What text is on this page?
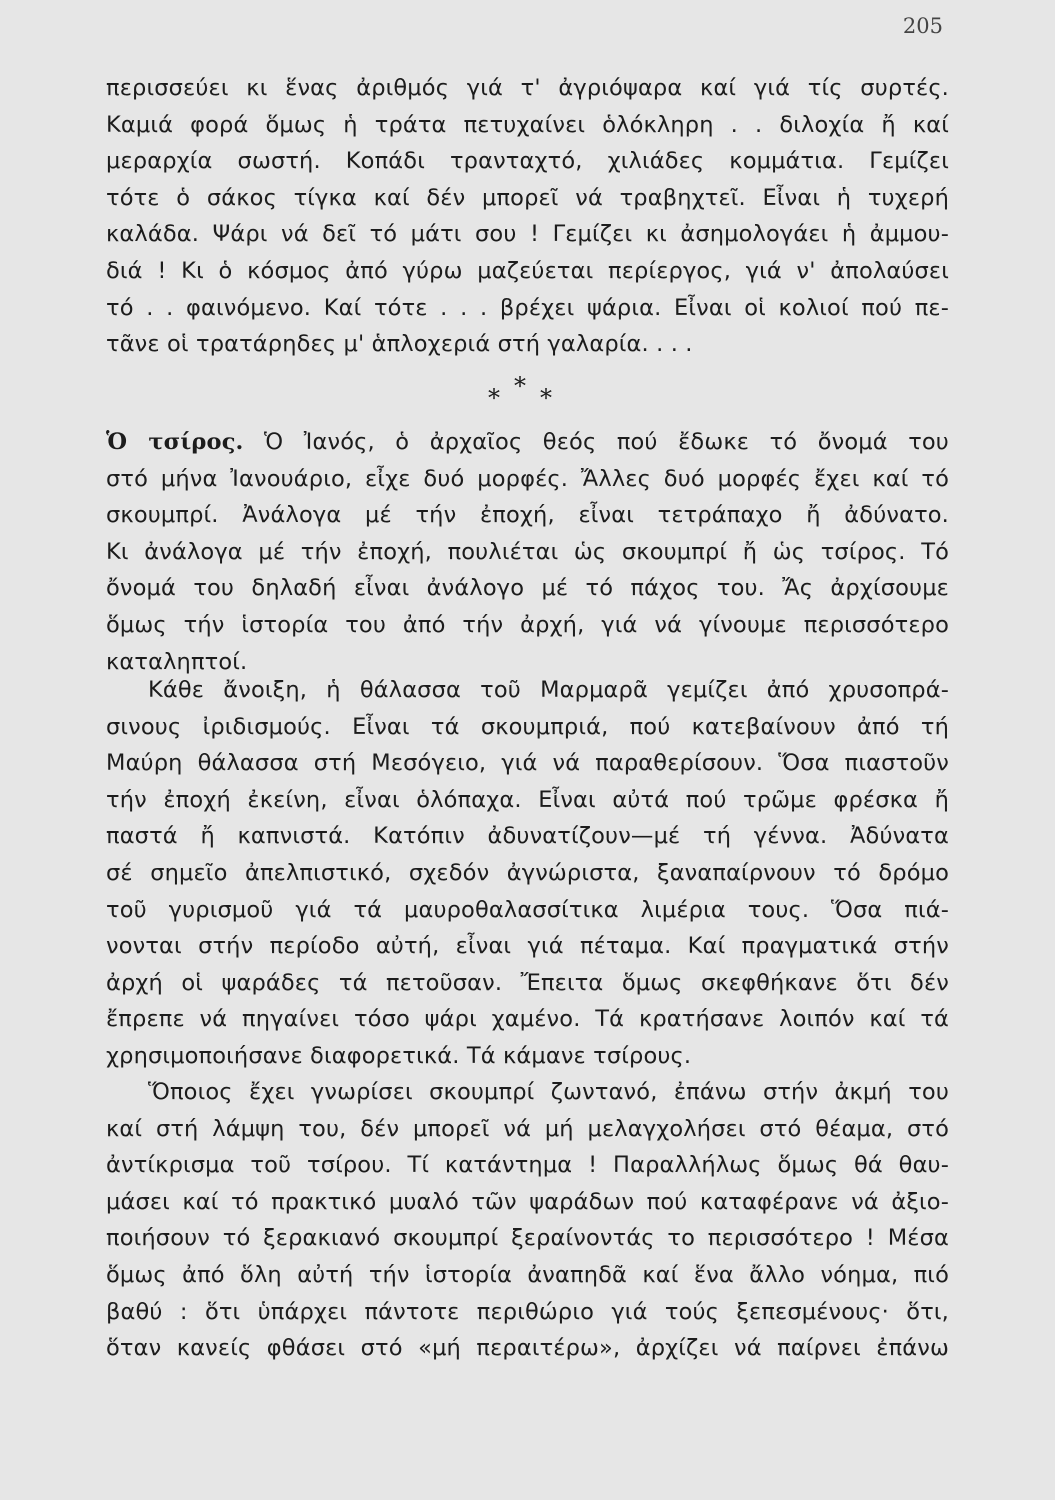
205
περισσεύει κι ἕνας ἀριθμός γιά τ' ἀγριόψαρα καί γιά τίς συρτές.
Καμιά φορά ὅμως ἡ τράτα πετυχαίνει ὁλόκληρη . . διλοχία ἤ καί
μεραρχία σωστή. Κοπάδι τρανταχτό, χιλιάδες κομμάτια. Γεμίζει
τότε ὁ σάκος τίγκα καί δέν μπορεῖ νά τραβηχτεῖ. Εἶναι ἡ τυχερή
καλάδα. Ψάρι νά δεῖ τό μάτι σου ! Γεμίζει κι ἀσημολογάει ἡ ἀμμου-
διά ! Κι ὁ κόσμος ἀπό γύρω μαζεύεται περίεργος, γιά ν' ἀπολαύσει
τό . . φαινόμενο. Καί τότε . . . βρέχει ψάρια. Εἶναι οἱ κολιοί πού πε-
τᾶνε οἱ τρατάρηδες μ' ἁπλοχεριά στή γαλαρία. . . .
* * *
Ὁ τσίρος. Ὁ Ἰανός, ὁ ἀρχαῖος θεός πού ἔδωκε τό ὄνομά του
στό μήνα Ἰανουάριο, εἶχε δυό μορφές. Ἄλλες δυό μορφές ἔχει καί τό
σκουμπρί. Ἀνάλογα μέ τήν ἐποχή, εἶναι τετράπαχο ἤ ἀδύνατο.
Κι ἀνάλογα μέ τήν ἐποχή, πουλιέται ὡς σκουμπρί ἤ ὡς τσίρος. Τό
ὄνομά του δηλαδή εἶναι ἀνάλογο μέ τό πάχος του. Ἄς ἀρχίσουμε
ὅμως τήν ἱστορία του ἀπό τήν ἀρχή, γιά νά γίνουμε περισσότερο
καταληπτοί.
Κάθε ἄνοιξη, ἡ θάλασσα τοῦ Μαρμαρᾶ γεμίζει ἀπό χρυσοπρά-
σινους ἰριδισμούς. Εἶναι τά σκουμπριά, πού κατεβαίνουν ἀπό τή
Μαύρη θάλασσα στή Μεσόγειο, γιά νά παραθερίσουν. Ὅσα πιαστοῦν
τήν ἐποχή ἐκείνη, εἶναι ὁλόπαχα. Εἶναι αὐτά πού τρῶμε φρέσκα ἤ
παστά ἤ καπνιστά. Κατόπιν ἀδυνατίζουν—μέ τή γέννα. Ἀδύνατα
σέ σημεῖο ἀπελπιστικό, σχεδόν ἀγνώριστα, ξαναπαίρνουν τό δρόμο
τοῦ γυρισμοῦ γιά τά μαυροθαλασσίτικα λιμέρια τους. Ὅσα πιά-
νονται στήν περίοδο αὐτή, εἶναι γιά πέταμα. Καί πραγματικά στήν
ἀρχή οἱ ψαράδες τά πετοῦσαν. Ἔπειτα ὅμως σκεφθήκανε ὅτι δέν
ἔπρεπε νά πηγαίνει τόσο ψάρι χαμένο. Τά κρατήσανε λοιπόν καί τά
χρησιμοποιήσανε διαφορετικά. Τά κάμανε τσίρους.
Ὅποιος ἔχει γνωρίσει σκουμπρί ζωντανό, ἐπάνω στήν ἀκμή του
καί στή λάμψη του, δέν μπορεῖ νά μή μελαγχολήσει στό θέαμα, στό
ἀντίκρισμα τοῦ τσίρου. Τί κατάντημα ! Παραλλήλως ὅμως θά θαυ-
μάσει καί τό πρακτικό μυαλό τῶν ψαράδων πού καταφέρανε νά ἀξιο-
ποιήσουν τό ξερακιανό σκουμπρί ξεραίνοντάς το περισσότερο ! Μέσα
ὅμως ἀπό ὅλη αὐτή τήν ἱστορία ἀναπηδᾶ καί ἕνα ἄλλο νόημα, πιό
βαθύ : ὅτι ὑπάρχει πάντοτε περιθώριο γιά τούς ξεπεσμένους· ὅτι,
ὅταν κανείς φθάσει στό «μή περαιτέρω», ἀρχίζει νά παίρνει ἐπάνω
